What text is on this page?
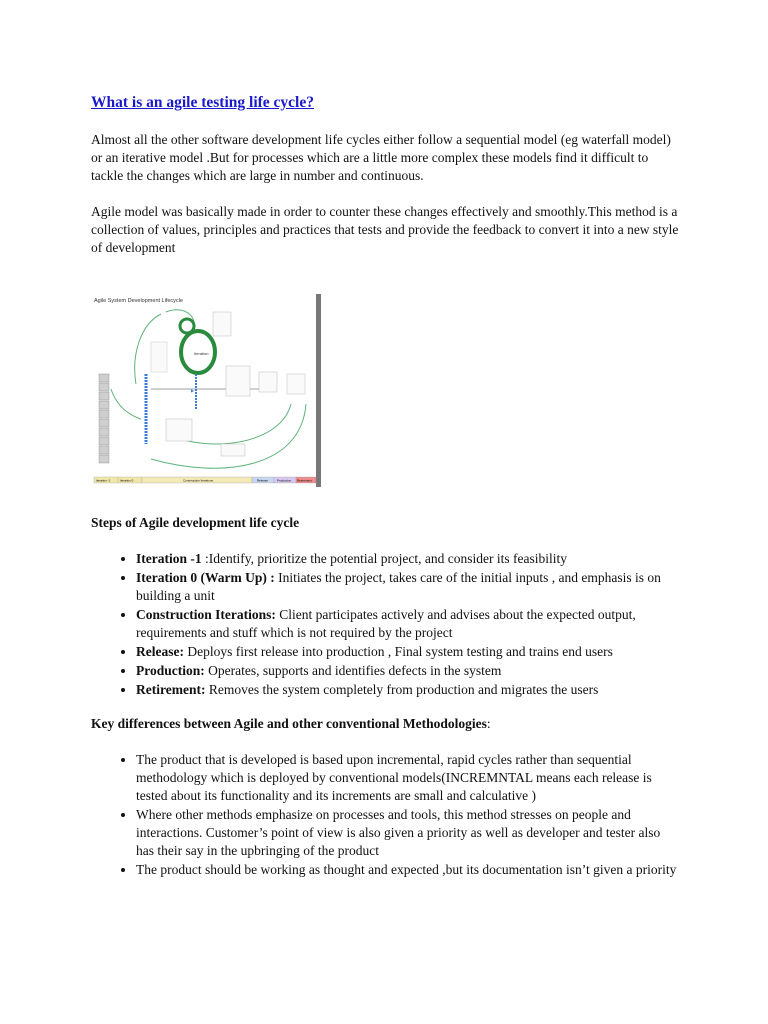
What is an agile testing life cycle?

Almost all the other software development life cycles either follow a sequential model (eg waterfall model) or an iterative model .But for processes which are a little more complex these models find it difficult to tackle the changes which are large in number and continuous.

Agile model was basically made in order to counter these changes effectively and smoothly.This method is a collection of values, principles and practices that tests and provide the feedback to convert it into a new style of development

Agile System Development Lifecycle
Iteration
▶
Iteration -1	Iteration 0	Construction Iterations	Release	Production Retirement
Steps of Agile development life cycle
• Iteration -1 :Identify, prioritize the potential project, and consider its feasibility
• Iteration 0 (Warm Up) : Initiates the project, takes care of the initial inputs , and emphasis is on building a unit
• Construction Iterations: Client participates actively and advises about the expected output, requirements and stuff which is not required by the project
• Release: Deploys first release into production , Final system testing and trains end users
• Production: Operates, supports and identifies defects in the system
• Retirement: Removes the system completely from production and migrates the users
Key differences between Agile and other conventional Methodologies:
• The product that is developed is based upon incremental, rapid cycles rather than sequential methodology which is deployed by conventional models(INCREMNTAL means each release is tested about its functionality and its increments are small and calculative )
• Where other methods emphasize on processes and tools, this method stresses on people and interactions. Customer’s point of view is also given a priority as well as developer and tester also has their say in the upbringing of the product
• The product should be working as thought and expected ,but its documentation isn’t given a priority
